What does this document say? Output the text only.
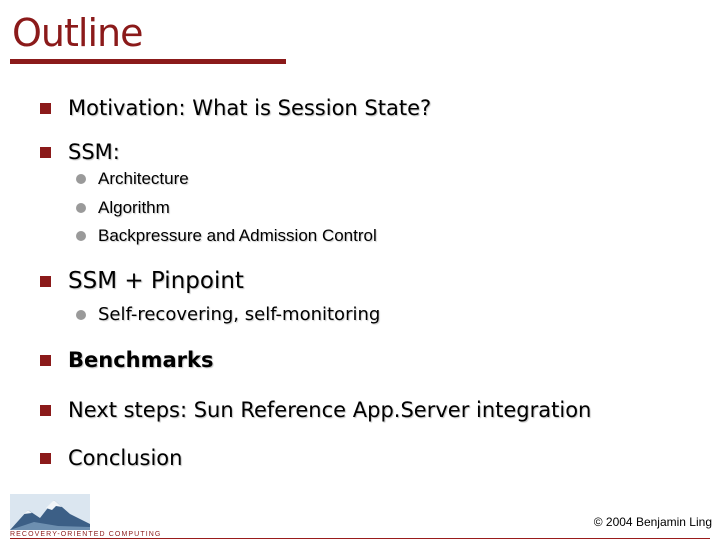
Outline
Motivation: What is Session State?
SSM:
Architecture
Algorithm
Backpressure and Admission Control
SSM + Pinpoint
Self-recovering, self-monitoring
Benchmarks
Next steps: Sun Reference App.Server integration
Conclusion
RECOVERY-ORIENTED COMPUTING
© 2004 Benjamin Ling
